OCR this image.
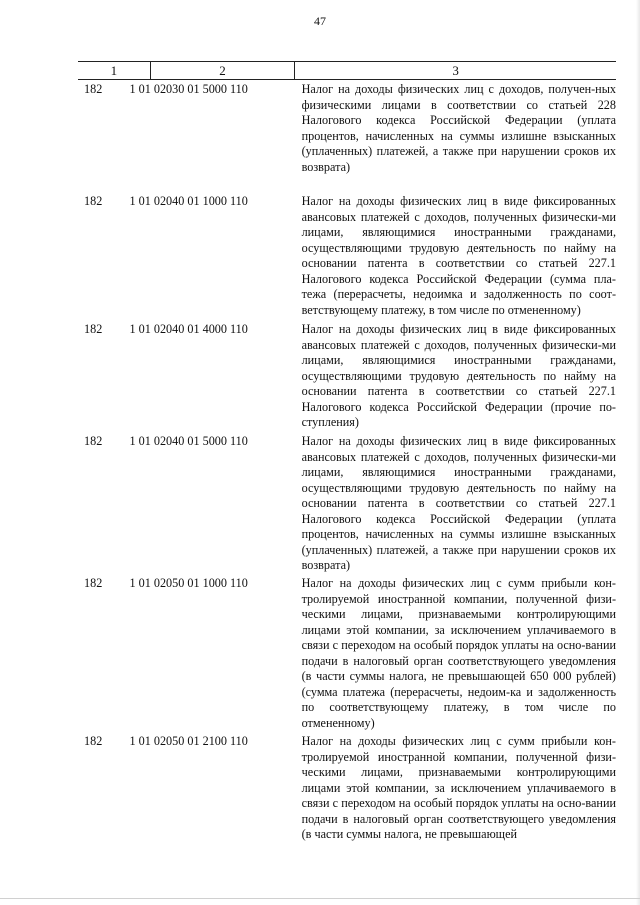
47
1	2	3
182	1 01 02030 01 5000 110	Налог на доходы физических лиц с доходов, получен-ных физическими лицами в соответствии со статьей 228 Налогового кодекса Российской Федерации (уплата процентов, начисленных на суммы излишне взысканных (уплаченных) платежей, а также при нарушении сроков их возврата)
182	1 01 02040 01 1000 110	Налог на доходы физических лиц в виде фиксированных авансовых платежей с доходов, полученных физически-ми лицами, являющимися иностранными гражданами, осуществляющими трудовую деятельность по найму на основании патента в соответствии со статьей 227.1 Налогового кодекса Российской Федерации (сумма пла-тежа (перерасчеты, недоимка и задолженность по соот-ветствующему платежу, в том числе по отмененному)
182	1 01 02040 01 4000 110	Налог на доходы физических лиц в виде фиксированных авансовых платежей с доходов, полученных физически-ми лицами, являющимися иностранными гражданами, осуществляющими трудовую деятельность по найму на основании патента в соответствии со статьей 227.1 Налогового кодекса Российской Федерации (прочие по-ступления)
182	1 01 02040 01 5000 110	Налог на доходы физических лиц в виде фиксированных авансовых платежей с доходов, полученных физически-ми лицами, являющимися иностранными гражданами, осуществляющими трудовую деятельность по найму на основании патента в соответствии со статьей 227.1 Налогового кодекса Российской Федерации (уплата процентов, начисленных на суммы излишне взысканных (уплаченных) платежей, а также при нарушении сроков их возврата)
182	1 01 02050 01 1000 110	Налог на доходы физических лиц с сумм прибыли кон-тролируемой иностранной компании, полученной физи-ческими лицами, признаваемыми контролирующими лицами этой компании, за исключением уплачиваемого в связи с переходом на особый порядок уплаты на осно-вании подачи в налоговый орган соответствующего уведомления (в части суммы налога, не превышающей 650 000 рублей) (сумма платежа (перерасчеты, недоим-ка и задолженность по соответствующему платежу, в том числе по отмененному)
182	1 01 02050 01 2100 110	Налог на доходы физических лиц с сумм прибыли кон-тролируемой иностранной компании, полученной физи-ческими лицами, признаваемыми контролирующими лицами этой компании, за исключением уплачиваемого в связи с переходом на особый порядок уплаты на осно-вании подачи в налоговый орган соответствующего уведомления (в части суммы налога, не превышающей
